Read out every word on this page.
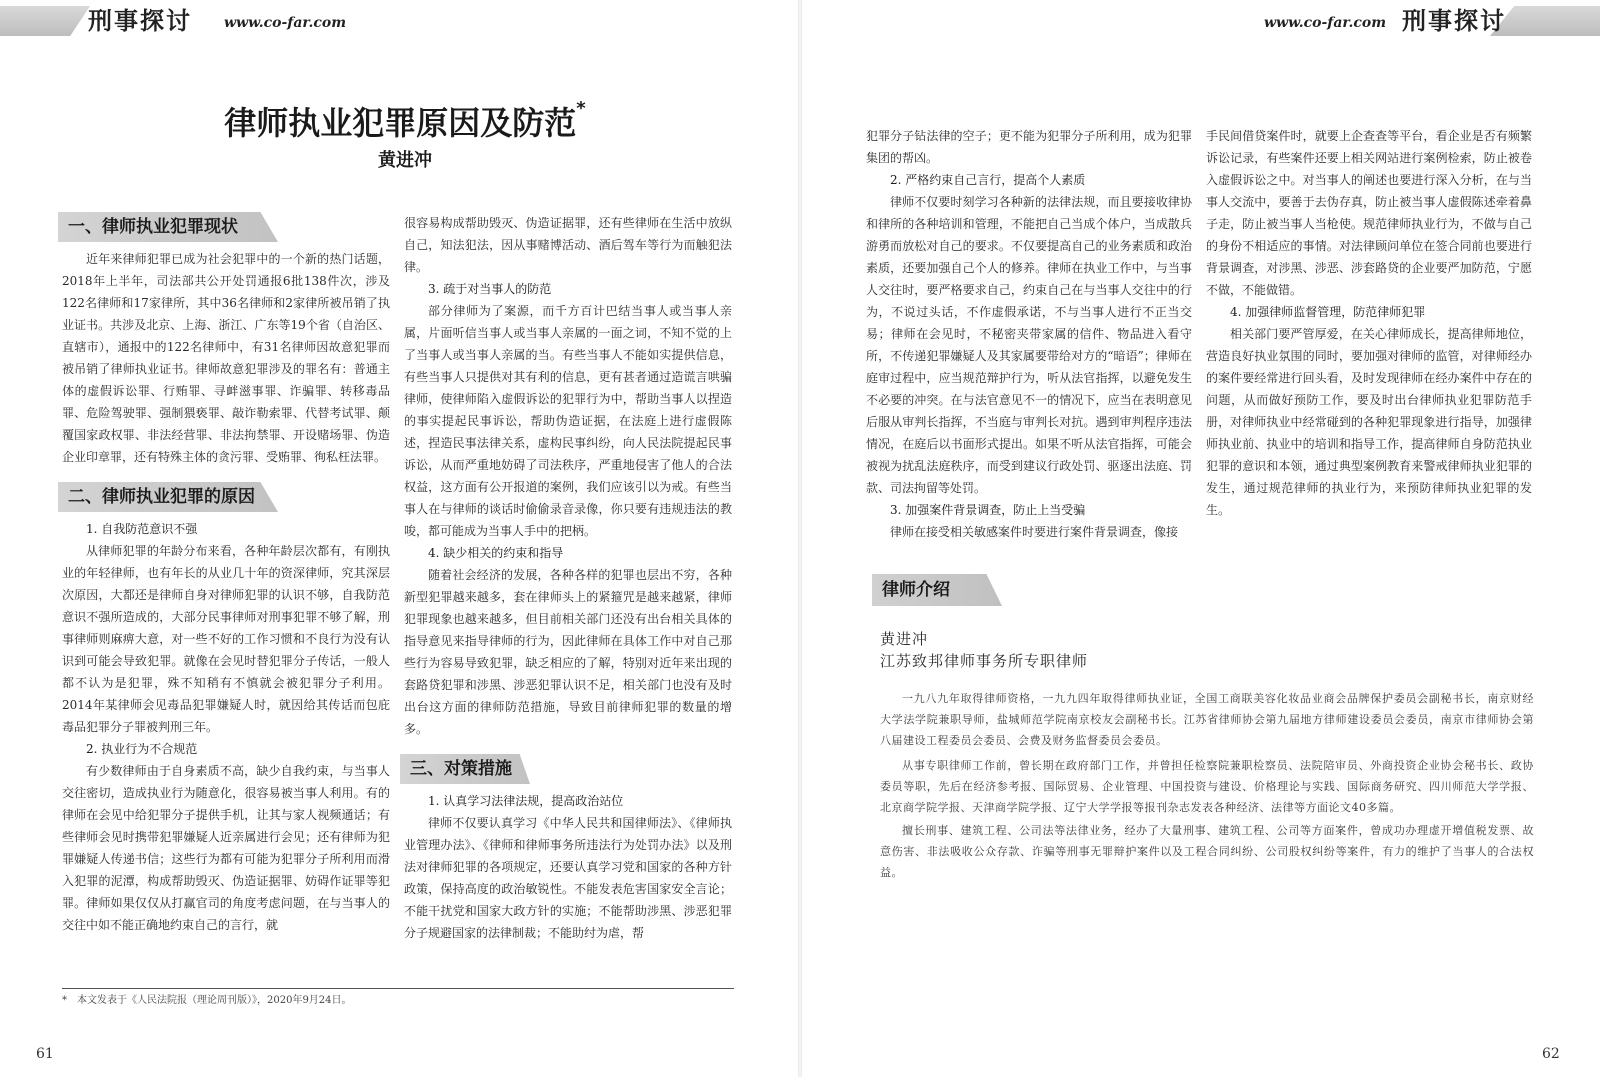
刑事探讨 www.co-far.com
律师执业犯罪原因及防范*
黄进冲
一、律师执业犯罪现状

近年来律师犯罪已成为社会犯罪中的一个新的热门话题，2018年上半年，司法部共公开处罚通报6批138件次，涉及122名律师和17家律所，其中36名律师和2家律所被吊销了执业证书。共涉及北京、上海、浙江、广东等19个省（自治区、直辖市），通报中的122名律师中，有31名律师因故意犯罪而被吊销了律师执业证书。律师故意犯罪涉及的罪名有：普通主体的虚假诉讼罪、行贿罪、寻衅滋事罪、诈骗罪、转移毒品罪、危险驾驶罪、强制猥亵罪、敲诈勒索罪、代替考试罪、颠覆国家政权罪、非法经营罪、非法拘禁罪、开设赌场罪、伪造企业印章罪，还有特殊主体的贪污罪、受贿罪、徇私枉法罪。

二、律师执业犯罪的原因

1. 自我防范意识不强

从律师犯罪的年龄分布来看，各种年龄层次都有，有刚执业的年轻律师，也有年长的从业几十年的资深律师，究其深层次原因，大都还是律师自身对律师犯罪的认识不够，自我防范意识不强所造成的，大部分民事律师对刑事犯罪不够了解，刑事律师则麻痹大意，对一些不好的工作习惯和不良行为没有认识到可能会导致犯罪。就像在会见时替犯罪分子传话，一般人都不认为是犯罪，殊不知稍有不慎就会被犯罪分子利用。2014年某律师会见毒品犯罪嫌疑人时，就因给其传话而包庇毒品犯罪分子罪被判刑三年。

2. 执业行为不合规范

有少数律师由于自身素质不高，缺少自我约束，与当事人交往密切，造成执业行为随意化，很容易被当事人利用。有的律师在会见中给犯罪分子提供手机，让其与家人视频通话；有些律师会见时携带犯罪嫌疑人近亲属进行会见；还有律师为犯罪嫌疑人传递书信；这些行为都有可能为犯罪分子所利用而滑入犯罪的泥潭，构成帮助毁灭、伪造证据罪、妨碍作证罪等犯罪。律师如果仅仅从打赢官司的角度考虑问题，在与当事人的交往中如不能正确地约束自己的言行，就

很容易构成帮助毁灭、伪造证据罪，还有些律师在生活中放纵自己，知法犯法，因从事赌博活动、酒后驾车等行为而触犯法律。

3. 疏于对当事人的防范

部分律师为了案源，而千方百计巴结当事人或当事人亲属，片面听信当事人或当事人亲属的一面之词，不知不觉的上了当事人或当事人亲属的当。有些当事人不能如实提供信息，有些当事人只提供对其有利的信息，更有甚者通过造谎言哄骗律师，使律师陷入虚假诉讼的犯罪行为中，帮助当事人以捏造的事实提起民事诉讼，帮助伪造证据，在法庭上进行虚假陈述，捏造民事法律关系，虚构民事纠纷，向人民法院提起民事诉讼，从而严重地妨碍了司法秩序，严重地侵害了他人的合法权益，这方面有公开报道的案例，我们应该引以为戒。有些当事人在与律师的谈话时偷偷录音录像，你只要有违规违法的教唆，都可能成为当事人手中的把柄。

4. 缺少相关的约束和指导

随着社会经济的发展，各种各样的犯罪也层出不穷，各种新型犯罪越来越多，套在律师头上的紧箍咒是越来越紧，律师犯罪现象也越来越多，但目前相关部门还没有出台相关具体的指导意见来指导律师的行为，因此律师在具体工作中对自己那些行为容易导致犯罪，缺乏相应的了解，特别对近年来出现的套路贷犯罪和涉黑、涉恶犯罪认识不足，相关部门也没有及时出台这方面的律师防范措施，导致目前律师犯罪的数量的增多。

三、对策措施

1. 认真学习法律法规，提高政治站位

律师不仅要认真学习《中华人民共和国律师法》、《律师执业管理办法》、《律师和律师事务所违法行为处罚办法》以及刑法对律师犯罪的各项规定，还要认真学习党和国家的各种方针政策，保持高度的政治敏锐性。不能发表危害国家安全言论；不能干扰党和国家大政方针的实施；不能帮助涉黑、涉恶犯罪分子规避国家的法律制裁；不能助纣为虐，帮

*　本文发表于《人民法院报（理论周刊版）》，2020年9月24日。
61
www.co-far.com 刑事探讨

犯罪分子钻法律的空子；更不能为犯罪分子所利用，成为犯罪集团的帮凶。

2. 严格约束自己言行，提高个人素质

律师不仅要时刻学习各种新的法律法规，而且要接收律协和律所的各种培训和管理，不能把自己当成个体户，当成散兵游勇而放松对自己的要求。不仅要提高自己的业务素质和政治素质，还要加强自己个人的修养。律师在执业工作中，与当事人交往时，要严格要求自己，约束自己在与当事人交往中的行为，不说过头话，不作虚假承诺，不与当事人进行不正当交易；律师在会见时，不秘密夹带家属的信件、物品进入看守所，不传递犯罪嫌疑人及其家属要带给对方的“暗语”；律师在庭审过程中，应当规范辩护行为，听从法官指挥，以避免发生不必要的冲突。在与法官意见不一的情况下，应当在表明意见后服从审判长指挥，不当庭与审判长对抗。遇到审判程序违法情况，在庭后以书面形式提出。如果不听从法官指挥，可能会被视为扰乱法庭秩序，而受到建议行政处罚、驱逐出法庭、罚款、司法拘留等处罚。

3. 加强案件背景调查，防止上当受骗

律师在接受相关敏感案件时要进行案件背景调查，像接

手民间借贷案件时，就要上企查查等平台，看企业是否有频繁诉讼记录，有些案件还要上相关网站进行案例检索，防止被卷入虚假诉讼之中。对当事人的阐述也要进行深入分析，在与当事人交流中，要善于去伪存真，防止被当事人虚假陈述牵着鼻子走，防止被当事人当枪使。规范律师执业行为，不做与自己的身份不相适应的事情。对法律顾问单位在签合同前也要进行背景调查，对涉黑、涉恶、涉套路贷的企业要严加防范，宁愿不做，不能做错。

4. 加强律师监督管理，防范律师犯罪

相关部门要严管厚爱，在关心律师成长，提高律师地位，营造良好执业氛围的同时，要加强对律师的监管，对律师经办的案件要经常进行回头看，及时发现律师在经办案件中存在的问题，从而做好预防工作，要及时出台律师执业犯罪防范手册，对律师执业中经常碰到的各种犯罪现象进行指导，加强律师执业前、执业中的培训和指导工作，提高律师自身防范执业犯罪的意识和本领，通过典型案例教育来警戒律师执业犯罪的发生，通过规范律师的执业行为，来预防律师执业犯罪的发生。

律师介绍
黄进冲
江苏致邦律师事务所专职律师

一九八九年取得律师资格，一九九四年取得律师执业证，全国工商联美容化妆品业商会品牌保护委员会副秘书长，南京财经大学法学院兼职导师，盐城师范学院南京校友会副秘书长。江苏省律师协会第九届地方律师建设委员会委员，南京市律师协会第八届建设工程委员会委员、会费及财务监督委员会委员。

从事专职律师工作前，曾长期在政府部门工作，并曾担任检察院兼职检察员、法院陪审员、外商投资企业协会秘书长、政协委员等职，先后在经济参考报、国际贸易、企业管理、中国投资与建设、价格理论与实践、国际商务研究、四川师范大学学报、北京商学院学报、天津商学院学报、辽宁大学学报等报刊杂志发表各种经济、法律等方面论文40多篇。

擅长刑事、建筑工程、公司法等法律业务，经办了大量刑事、建筑工程、公司等方面案件，曾成功办理虚开增值税发票、故意伤害、非法吸收公众存款、诈骗等刑事无罪辩护案件以及工程合同纠纷、公司股权纠纷等案件，有力的维护了当事人的合法权益。

62
